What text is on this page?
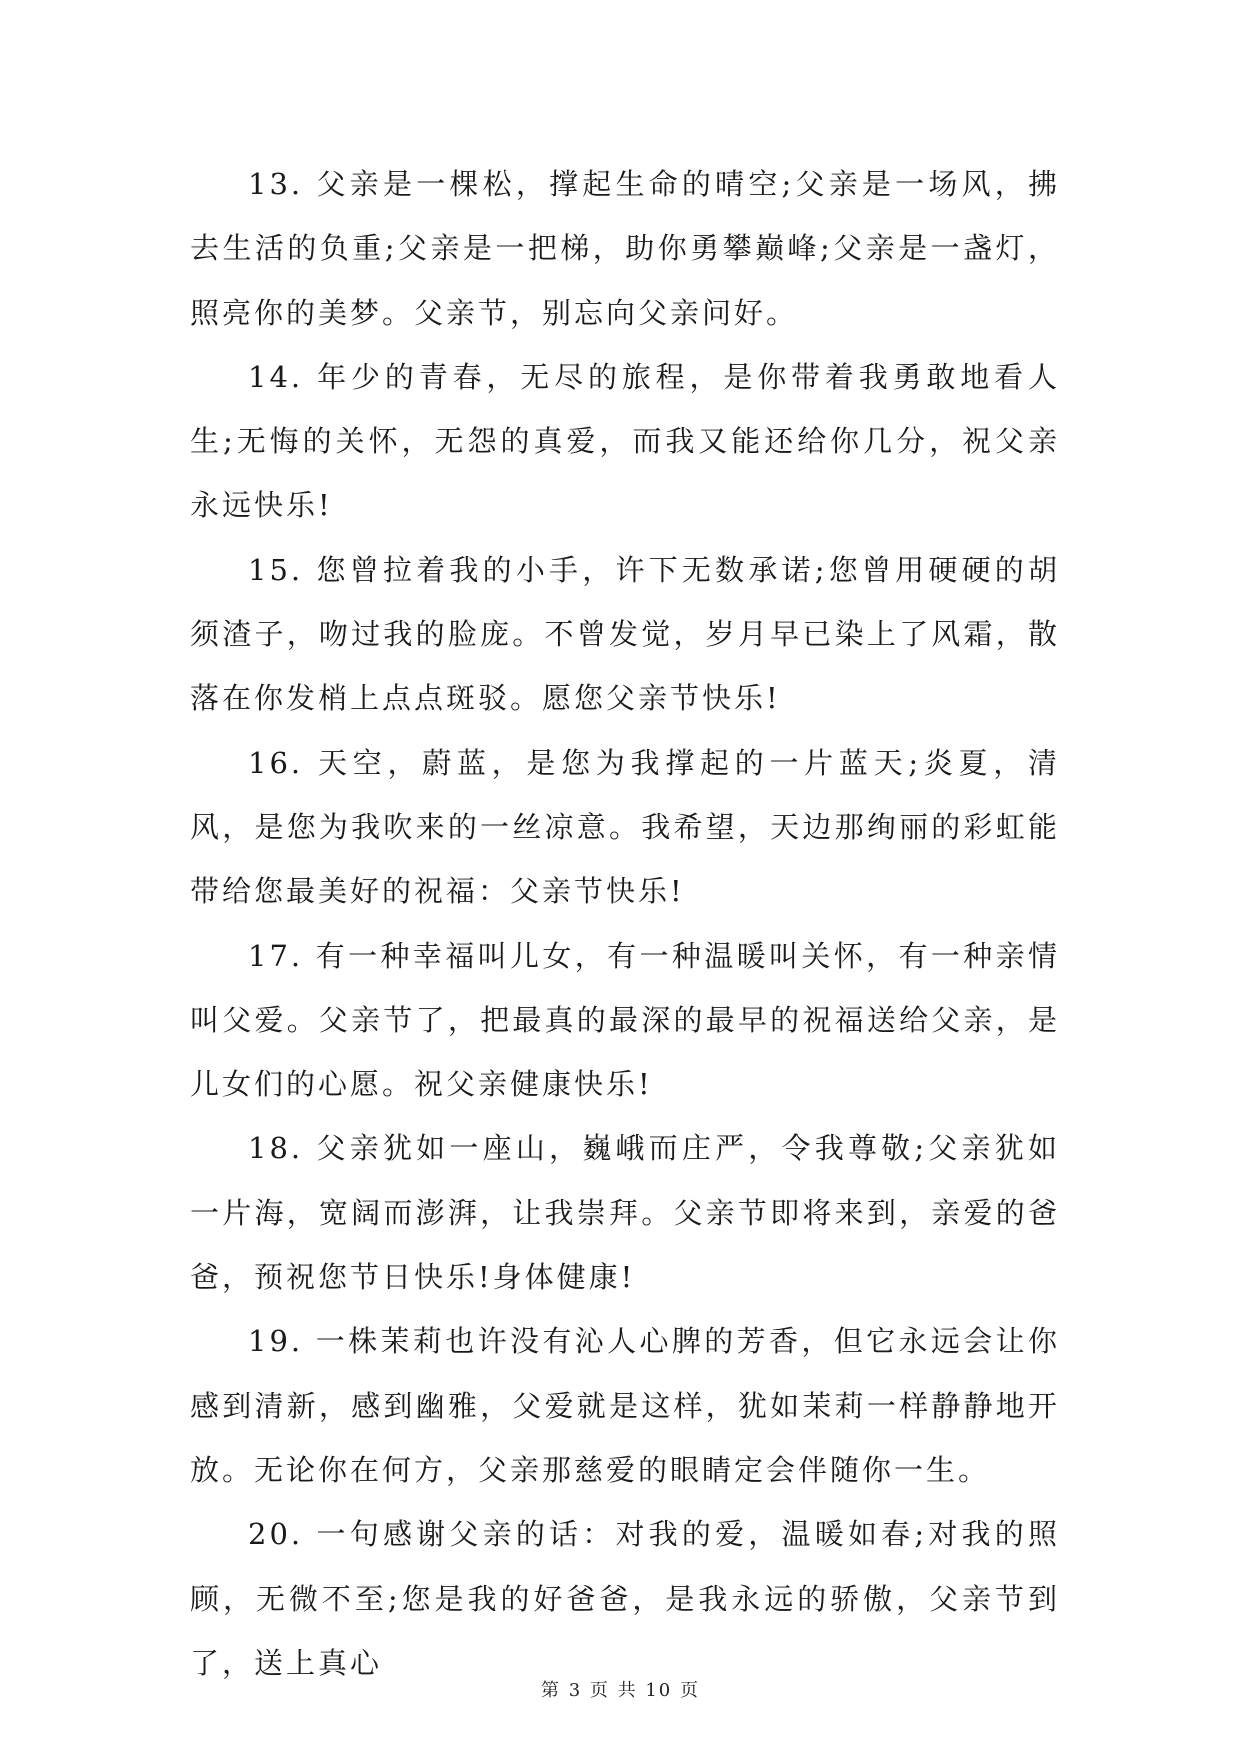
13. 父亲是一棵松，撑起生命的晴空;父亲是一场风，拂去生活的负重;父亲是一把梯，助你勇攀巅峰;父亲是一盏灯，照亮你的美梦。父亲节，别忘向父亲问好。

14. 年少的青春，无尽的旅程，是你带着我勇敢地看人生;无悔的关怀，无怨的真爱，而我又能还给你几分，祝父亲永远快乐!

15. 您曾拉着我的小手，许下无数承诺;您曾用硬硬的胡须渣子，吻过我的脸庞。不曾发觉，岁月早已染上了风霜，散落在你发梢上点点斑驳。愿您父亲节快乐!

16. 天空，蔚蓝，是您为我撑起的一片蓝天;炎夏，清风，是您为我吹来的一丝凉意。我希望，天边那绚丽的彩虹能带给您最美好的祝福：父亲节快乐!

17. 有一种幸福叫儿女，有一种温暖叫关怀，有一种亲情叫父爱。父亲节了，把最真的最深的最早的祝福送给父亲，是儿女们的心愿。祝父亲健康快乐!

18. 父亲犹如一座山，巍峨而庄严，令我尊敬;父亲犹如一片海，宽阔而澎湃，让我崇拜。父亲节即将来到，亲爱的爸爸，预祝您节日快乐!身体健康!

19. 一株茉莉也许没有沁人心脾的芳香，但它永远会让你感到清新，感到幽雅，父爱就是这样，犹如茉莉一样静静地开放。无论你在何方，父亲那慈爱的眼睛定会伴随你一生。

20. 一句感谢父亲的话：对我的爱，温暖如春;对我的照顾，无微不至;您是我的好爸爸，是我永远的骄傲，父亲节到了，送上真心

第 3 页 共 10 页
